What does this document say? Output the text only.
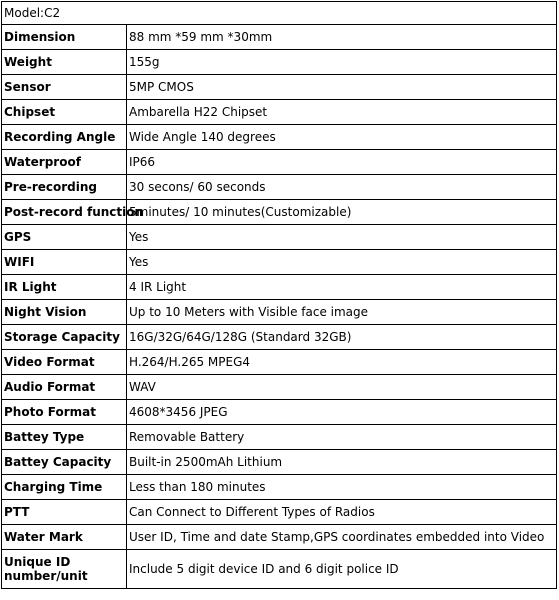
Model:C2	
Dimension	88 mm *59 mm *30mm
Weight	155g
Sensor	5MP CMOS
Chipset	Ambarella H22 Chipset
Recording Angle	Wide Angle 140 degrees
Waterproof	IP66
Pre-recording	30 secons/ 60 seconds
Post-record function	5minutes/ 10 minutes(Customizable)
GPS	Yes
WIFI	Yes
IR Light	4 IR Light
Night Vision	Up to 10 Meters with Visible face image
Storage Capacity	16G/32G/64G/128G (Standard 32GB)
Video Format	H.264/H.265 MPEG4
Audio Format	WAV
Photo Format	4608*3456 JPEG
Battey Type	Removable Battery
Battey Capacity	Built-in 2500mAh Lithium
Charging Time	Less than 180 minutes
PTT	Can Connect to Different Types of Radios
Water Mark	User ID, Time and date Stamp,GPS coordinates embedded into Video
Unique ID number/unit	Include 5 digit device ID and 6 digit police ID
